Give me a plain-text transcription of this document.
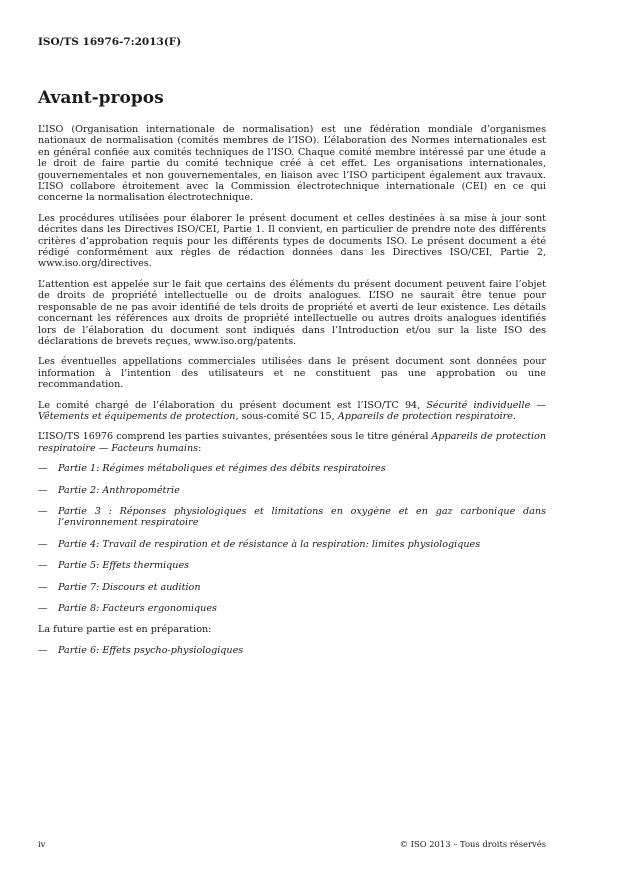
ISO/TS 16976-7:2013(F)
Avant-propos

L’ISO (Organisation internationale de normalisation) est une fédération mondiale d’organismes nationaux de normalisation (comités membres de l’ISO). L’élaboration des Normes internationales est en général confiée aux comités techniques de l’ISO. Chaque comité membre intéressé par une étude a le droit de faire partie du comité technique créé à cet effet. Les organisations internationales, gouvernementales et non gouvernementales, en liaison avec l’ISO participent également aux travaux. L’ISO collabore étroitement avec la Commission électrotechnique internationale (CEI) en ce qui concerne la normalisation électrotechnique.

Les procédures utilisées pour élaborer le présent document et celles destinées à sa mise à jour sont décrites dans les Directives ISO/CEI, Partie 1. Il convient, en particulier de prendre note des différents critères d’approbation requis pour les différents types de documents ISO. Le présent document a été rédigé conformément aux règles de rédaction données dans les Directives ISO/CEI, Partie 2, www.iso.org/directives.

L’attention est appelée sur le fait que certains des éléments du présent document peuvent faire l’objet de droits de propriété intellectuelle ou de droits analogues. L’ISO ne saurait être tenue pour responsable de ne pas avoir identifié de tels droits de propriété et averti de leur existence. Les détails concernant les références aux droits de propriété intellectuelle ou autres droits analogues identifiés lors de l’élaboration du document sont indiqués dans l’Introduction et/ou sur la liste ISO des déclarations de brevets reçues, www.iso.org/patents.

Les éventuelles appellations commerciales utilisées dans le présent document sont données pour information à l’intention des utilisateurs et ne constituent pas une approbation ou une recommandation.

Le comité chargé de l’élaboration du présent document est l’ISO/TC 94, Sécurité individuelle — Vêtements et équipements de protection, sous-comité SC 15, Appareils de protection respiratoire.

L’ISO/TS 16976 comprend les parties suivantes, présentées sous le titre général Appareils de protection respiratoire — Facteurs humains:

— Partie 1: Régimes métaboliques et régimes des débits respiratoires
— Partie 2: Anthropométrie
— Partie 3 : Réponses physiologiques et limitations en oxygène et en gaz carbonique dans l’environnement respiratoire
— Partie 4: Travail de respiration et de résistance à la respiration: limites physiologiques
— Partie 5: Effets thermiques
— Partie 7: Discours et audition
— Partie 8: Facteurs ergonomiques

La future partie est en préparation:

— Partie 6: Effets psycho-physiologiques
iv	© ISO 2013 – Tous droits réservés
